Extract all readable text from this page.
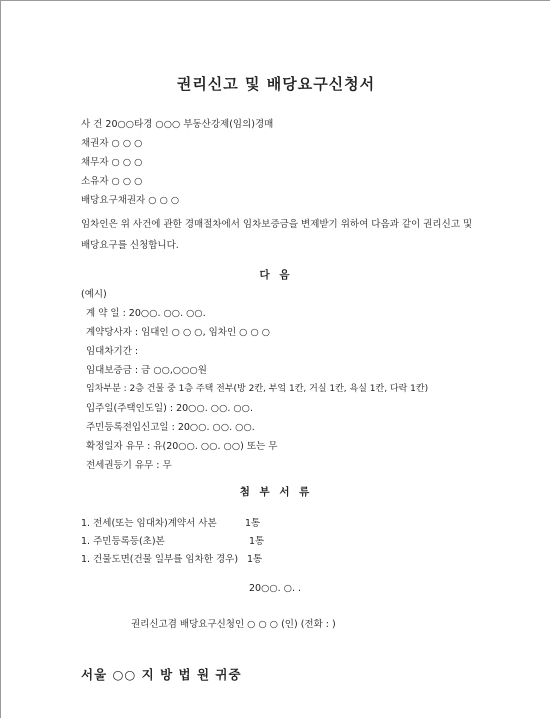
권리신고 및 배당요구신청서
사 건 20○○타경 ○○○ 부동산강제(임의)경매
채권자 ○ ○ ○
채무자 ○ ○ ○
소유자 ○ ○ ○
배당요구채권자 ○ ○ ○
임차인은 위 사건에 관한 경매절차에서 임차보증금을 변제받기 위하여 다음과 같이 권리신고 및 배당요구를 신청합니다.
다 음
(예시)
계 약 일 : 20○○. ○○. ○○.
계약당사자 : 임대인 ○ ○ ○, 임차인 ○ ○ ○
임대차기간 :
임대보증금 : 금 ○○,○○○원
임차부분 : 2층 건물 중 1층 주택 전부(방 2칸, 부엌 1칸, 거실 1칸, 욕실 1칸, 다락 1칸)
입주일(주택인도일) : 20○○. ○○. ○○.
주민등록전입신고일 : 20○○. ○○. ○○.
확정일자 유무 : 유(20○○. ○○. ○○) 또는 무
전세권등기 유무 : 무
첨 부 서 류
1. 전세(또는 임대차)계약서 사본	1통
1. 주민등록등(초)본	1통
1. 건물도면(건물 일부를 임차한 경우) 1통
20○○. ○. .
권리신고겸 배당요구신청인 ○ ○ ○ (인) (전화 : )
서울 ○○ 지 방 법 원 귀중
